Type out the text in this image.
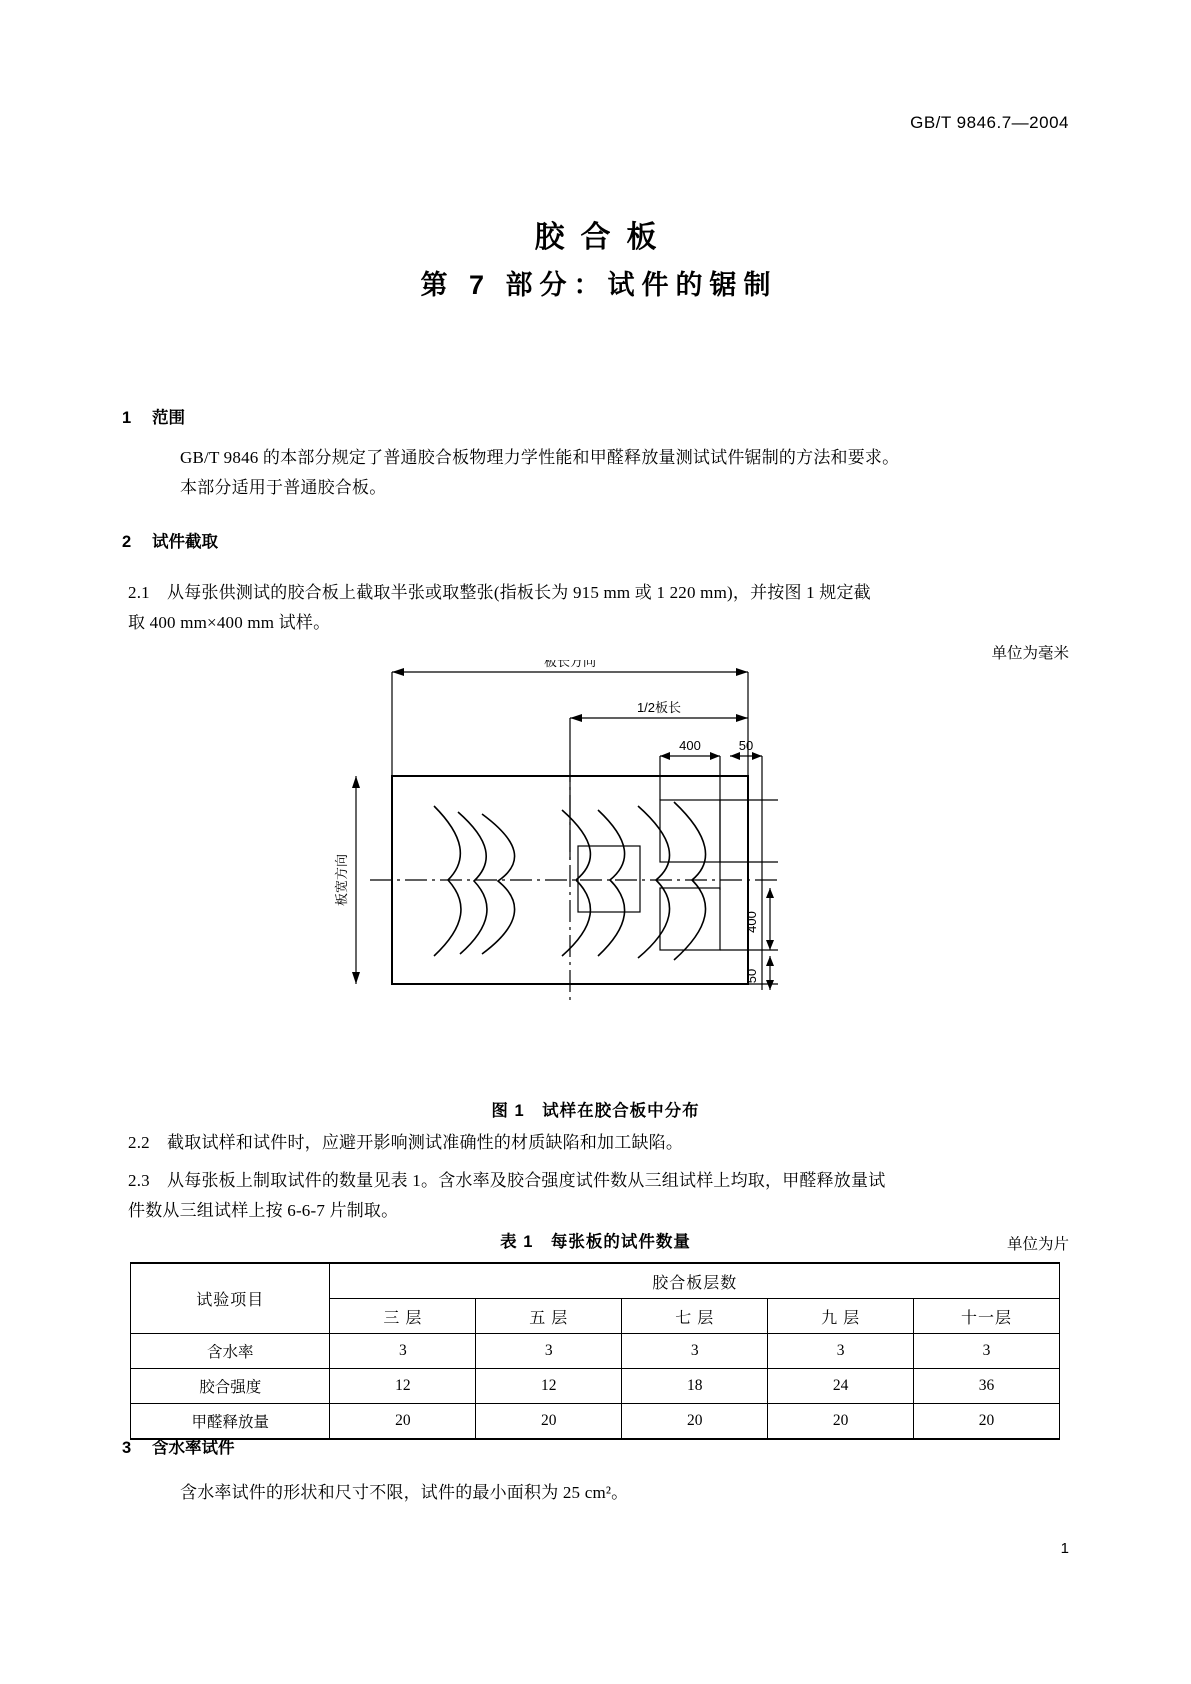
GB/T 9846.7—2004
胶合板
第 7 部分：试件的锯制
1 范围
GB/T 9846 的本部分规定了普通胶合板物理力学性能和甲醛释放量测试试件锯制的方法和要求。
本部分适用于普通胶合板。
2 试件截取
2.1　从每张供测试的胶合板上截取半张或取整张(指板长为 915 mm 或 1 220 mm)，并按图 1 规定截
取 400 mm×400 mm 试样。
单位为毫米
板长方向
1/2板长
400	50
400
50
板宽方向
图 1　试样在胶合板中分布
2.2　截取试样和试件时，应避开影响测试准确性的材质缺陷和加工缺陷。
2.3　从每张板上制取试件的数量见表 1。含水率及胶合强度试件数从三组试样上均取，甲醛释放量试
件数从三组试样上按 6-6-7 片制取。
表 1　每张板的试件数量	单位为片
试验项目	胶合板层数				
	三 层	五 层	七 层	九 层	十一层
含水率	3	3	3	3	3
胶合强度	12	12	18	24	36
甲醛释放量	20	20	20	20	20
3 含水率试件
含水率试件的形状和尺寸不限，试件的最小面积为 25 cm²。
1
